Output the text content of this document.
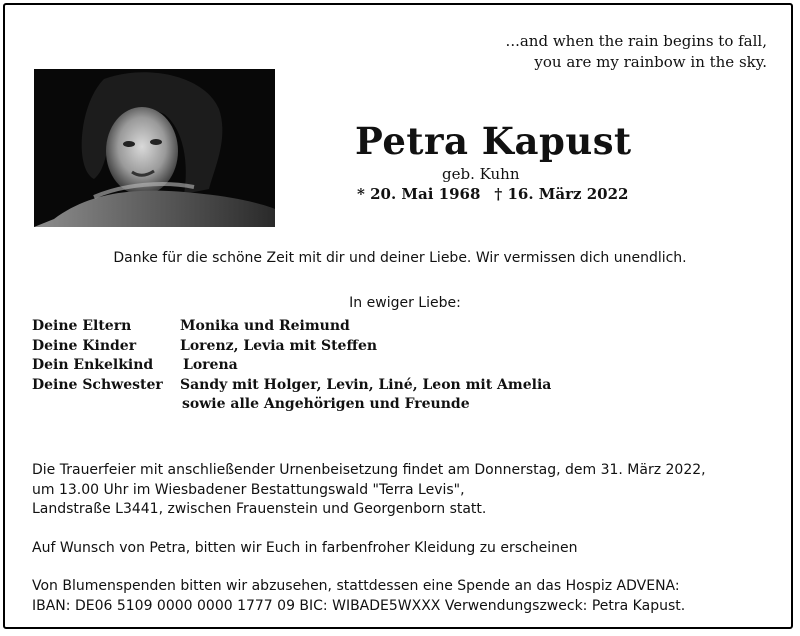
...and when the rain begins to fall,
you are my rainbow in the sky.
Petra Kapust
geb. Kuhn
* 20. Mai 1968 † 16. März 2022
Danke für die schöne Zeit mit dir und deiner Liebe. Wir vermissen dich unendlich.
In ewiger Liebe:
Deine Eltern	Monika und Reimund
Deine Kinder	Lorenz, Levia mit Steffen
Dein Enkelkind	Lorena
Deine Schwester	Sandy mit Holger, Levin, Liné, Leon mit Amelia
sowie alle Angehörigen und Freunde

Die Trauerfeier mit anschließender Urnenbeisetzung findet am Donnerstag, dem 31. März 2022,

um 13.00 Uhr im Wiesbadener Bestattungswald "Terra Levis",

Landstraße L3441, zwischen Frauenstein und Georgenborn statt.

Auf Wunsch von Petra, bitten wir Euch in farbenfroher Kleidung zu erscheinen

Von Blumenspenden bitten wir abzusehen, stattdessen eine Spende an das Hospiz ADVENA:

IBAN: DE06 5109 0000 0000 1777 09 BIC: WIBADE5WXXX Verwendungszweck: Petra Kapust.
